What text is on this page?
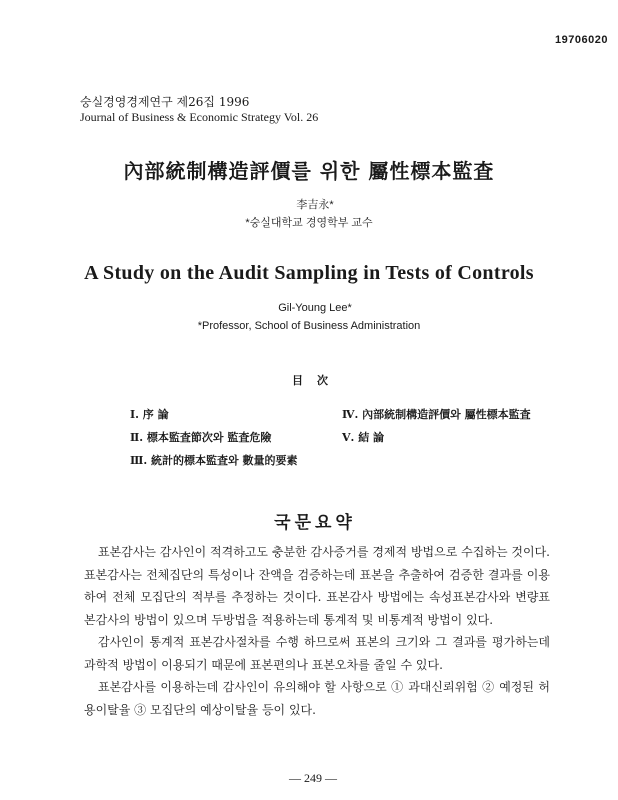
19706020
숭실경영경제연구 제26집 1996
Journal of Business & Economic Strategy Vol. 26
內部統制構造評價를 위한 屬性標本監査
李吉永*
*숭실대학교 경영학부 교수
A Study on the Audit Sampling in Tests of Controls
Gil-Young Lee*
*Professor, School of Business Administration
目次
Ⅰ. 序 論
Ⅱ. 標本監査節次와 監査危險
Ⅲ. 統計的標本監査와 數量的要素
Ⅳ. 內部統制構造評價와 屬性標本監査
Ⅴ. 結 論
국문요약

표본감사는 감사인이 적격하고도 충분한 감사증거를 경제적 방법으로 수집하는 것이다. 표본감사는 전체집단의 특성이나 잔액을 검증하는데 표본을 추출하여 검증한 결과를 이용하여 전체 모집단의 적부를 추정하는 것이다. 표본감사 방법에는 속성표본감사와 변량표본감사의 방법이 있으며 두방법을 적용하는데 통계적 및 비통계적 방법이 있다.

감사인이 통계적 표본감사절차를 수행 하므로써 표본의 크기와 그 결과를 평가하는데 과학적 방법이 이용되기 때문에 표본편의나 표본오차를 줄일 수 있다.

표본감사를 이용하는데 감사인이 유의해야 할 사항으로 ① 과대신뢰위험 ② 예정된 허용이탈율 ③ 모집단의 예상이탈율 등이 있다.

— 249 —
